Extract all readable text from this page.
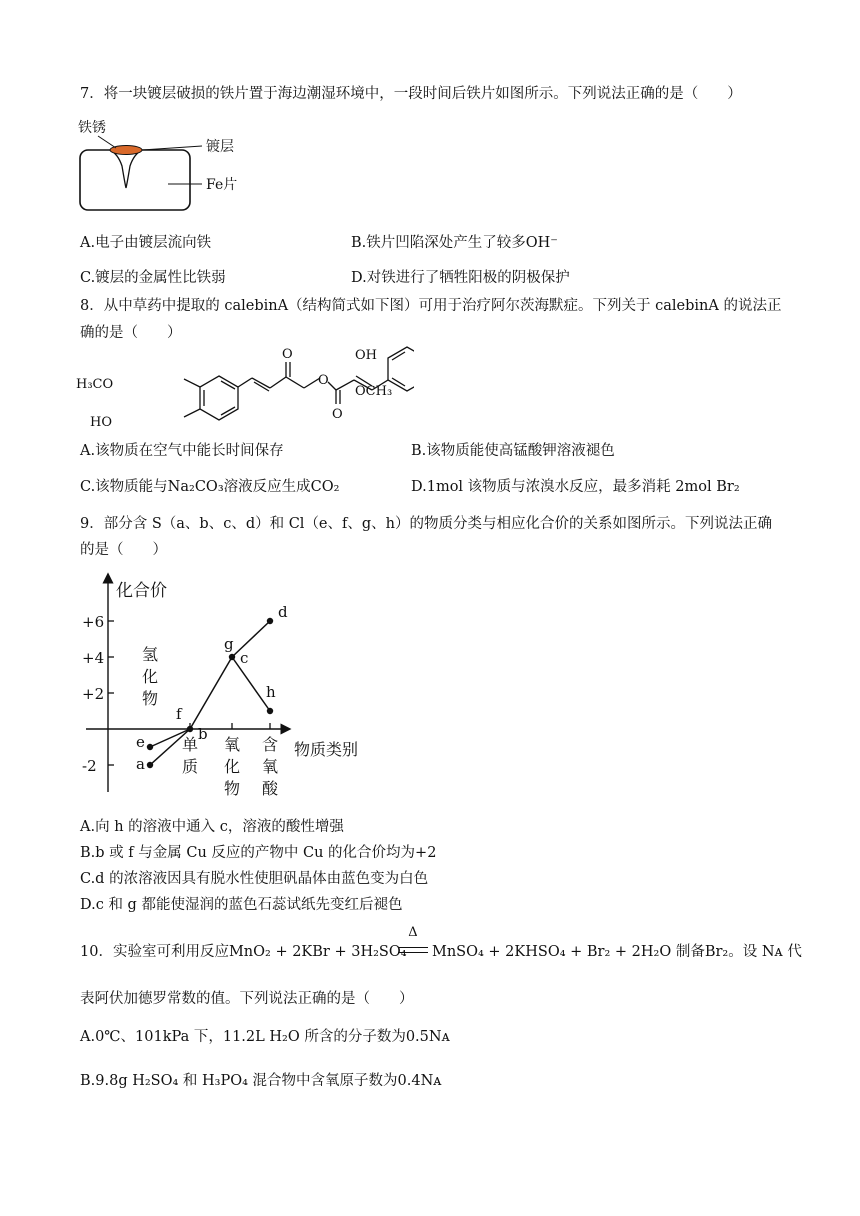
7．将一块镀层破损的铁片置于海边潮湿环境中，一段时间后铁片如图所示。下列说法正确的是（　　）
铁锈
镀层
Fe片
A.电子由镀层流向铁	B.铁片凹陷深处产生了较多OH⁻
C.镀层的金属性比铁弱	D.对铁进行了牺牲阳极的阴极保护
8．从中草药中提取的 calebinA（结构简式如下图）可用于治疗阿尔茨海默症。下列关于 calebinA 的说法正
确的是（　　）
H₃CO
HO
O
O
O
OH
OCH₃
A.该物质在空气中能长时间保存	B.该物质能使高锰酸钾溶液褪色
C.该物质能与Na₂CO₃溶液反应生成CO₂	D.1mol 该物质与浓溴水反应，最多消耗 2mol Br₂
9．部分含 S（a、b、c、d）和 Cl（e、f、g、h）的物质分类与相应化合价的关系如图所示。下列说法正确
的是（　　）
化合价
物质类别
+6
+4
+2
-2	a
e	b
f
c
g
h
d
氢化物
单质
氧化物
含氧酸
A.向 h 的溶液中通入 c，溶液的酸性增强
B.b 或 f 与金属 Cu 反应的产物中 Cu 的化合价均为+2
C.d 的浓溶液因具有脱水性使胆矾晶体由蓝色变为白色
D.c 和 g 都能使湿润的蓝色石蕊试纸先变红后褪色
10．实验室可利用反应MnO₂ + 2KBr + 3H₂SO₄
Δ
MnSO₄ + 2KHSO₄ + Br₂ + 2H₂O 制备Br₂。设 Nᴀ 代
表阿伏加德罗常数的值。下列说法正确的是（　　）
A.0℃、101kPa 下，11.2L H₂O 所含的分子数为0.5Nᴀ
B.9.8g H₂SO₄ 和 H₃PO₄ 混合物中含氧原子数为0.4Nᴀ
